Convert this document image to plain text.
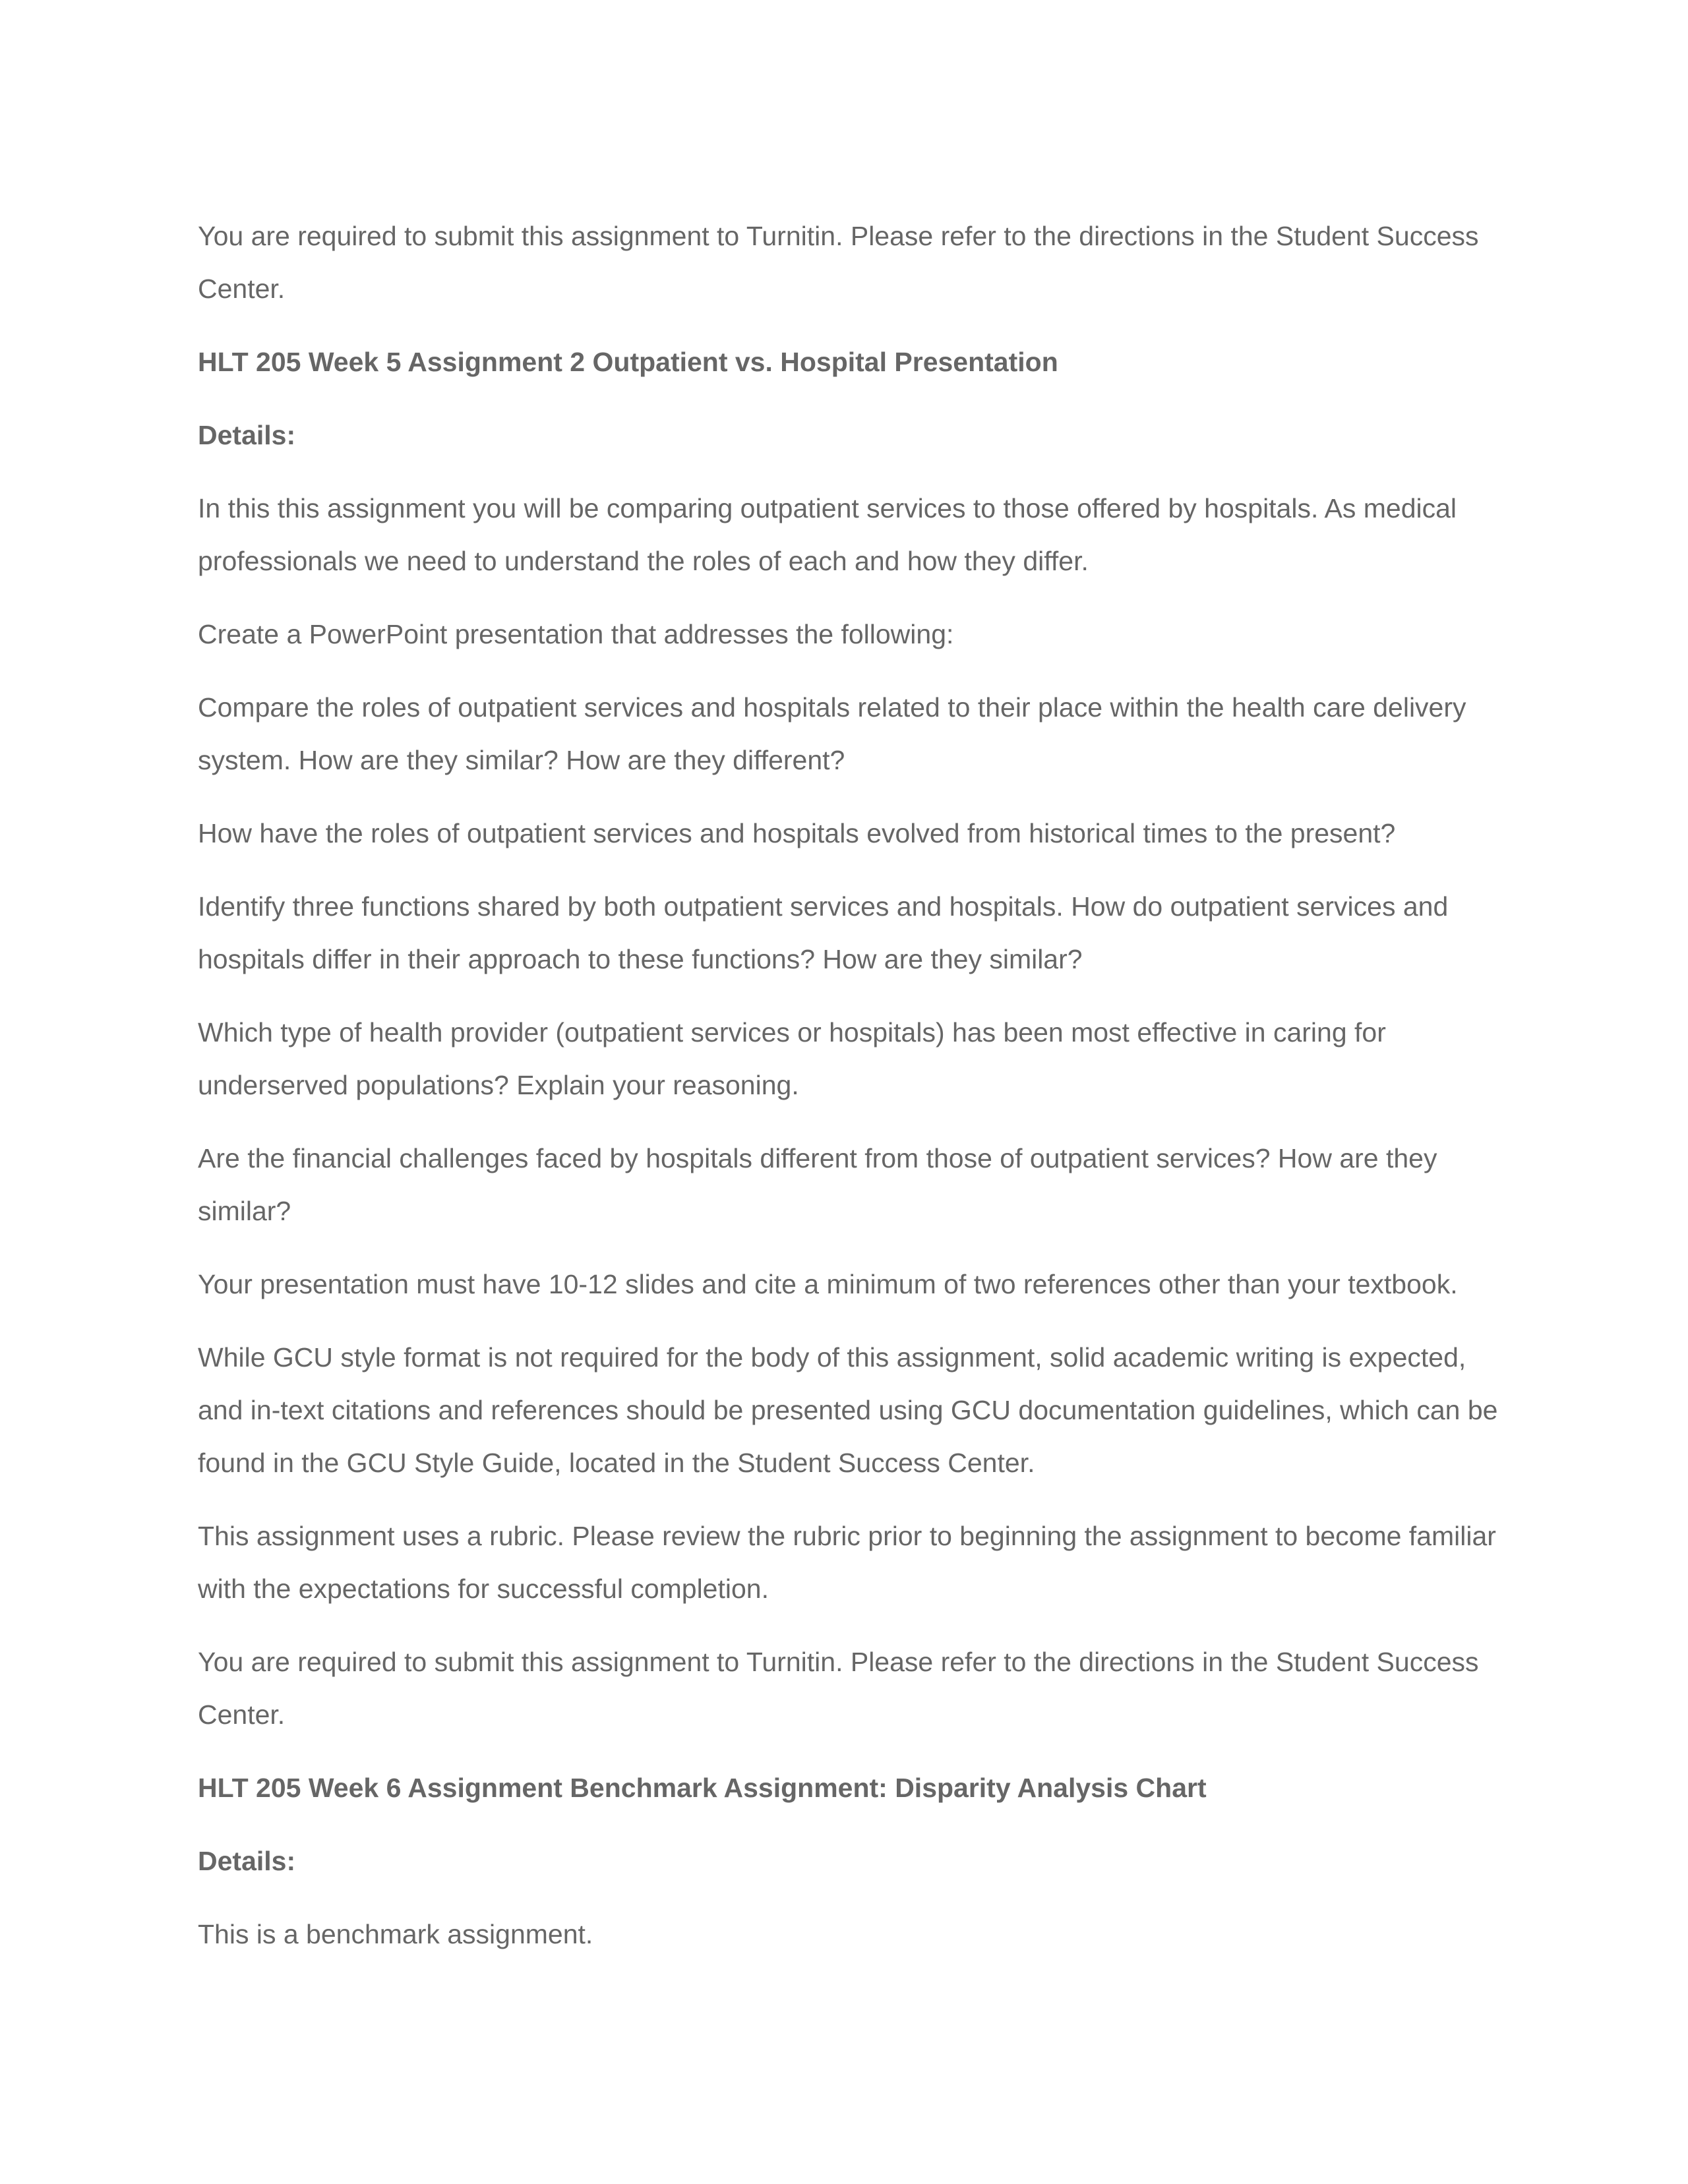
You are required to submit this assignment to Turnitin. Please refer to the directions in the Student Success Center.

HLT 205 Week 5 Assignment 2 Outpatient vs. Hospital Presentation

Details:

In this this assignment you will be comparing outpatient services to those offered by hospitals. As medical professionals we need to understand the roles of each and how they differ.

Create a PowerPoint presentation that addresses the following:

Compare the roles of outpatient services and hospitals related to their place within the health care delivery system. How are they similar? How are they different?

How have the roles of outpatient services and hospitals evolved from historical times to the present?

Identify three functions shared by both outpatient services and hospitals. How do outpatient services and hospitals differ in their approach to these functions? How are they similar?

Which type of health provider (outpatient services or hospitals) has been most effective in caring for underserved populations? Explain your reasoning.

Are the financial challenges faced by hospitals different from those of outpatient services? How are they similar?

Your presentation must have 10-12 slides and cite a minimum of two references other than your textbook.

While GCU style format is not required for the body of this assignment, solid academic writing is expected, and in-text citations and references should be presented using GCU documentation guidelines, which can be found in the GCU Style Guide, located in the Student Success Center.

This assignment uses a rubric. Please review the rubric prior to beginning the assignment to become familiar with the expectations for successful completion.

You are required to submit this assignment to Turnitin. Please refer to the directions in the Student Success Center.

HLT 205 Week 6 Assignment Benchmark Assignment: Disparity Analysis Chart

Details:

This is a benchmark assignment.
